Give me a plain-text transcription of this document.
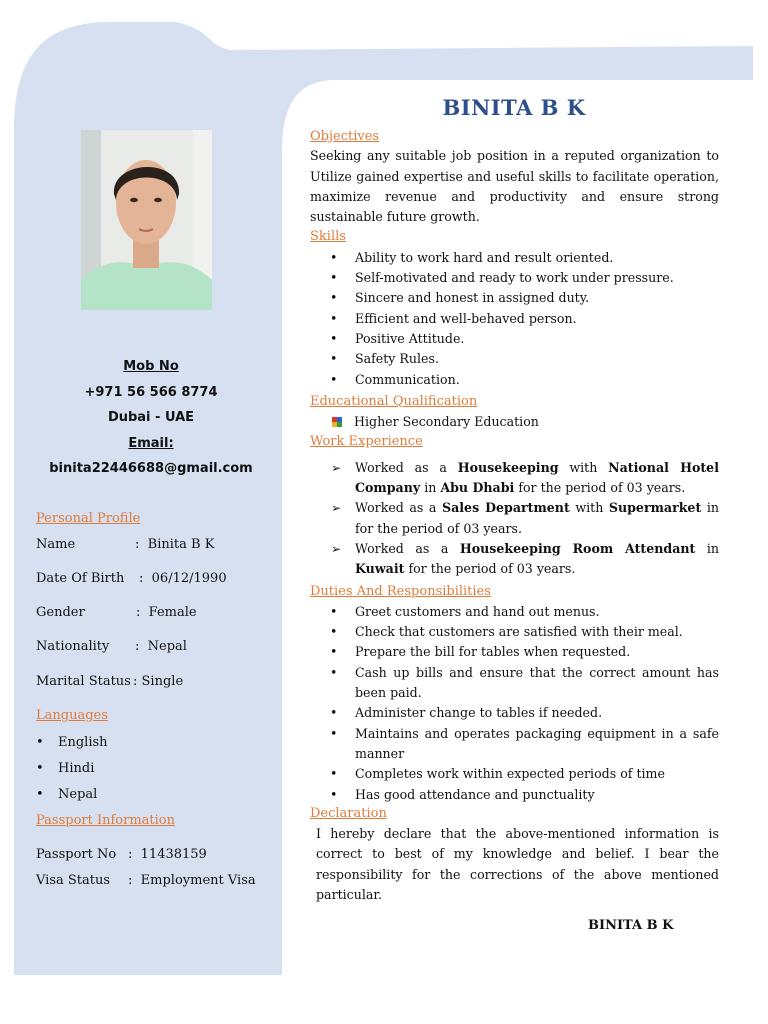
Mob No
+971 56 566 8774
Dubai - UAE
Email:
binita22446688@gmail.com
Personal Profile
Name	: Binita B K
Date Of Birth : 06/12/1990
Gender	: Female
Nationality : Nepal
Marital Status : Single
Languages
• English
• Hindi
• Nepal
Passport Information
Passport No : 11438159
Visa Status : Employment Visa
BINITA B K
Objectives
Seeking any suitable job position in a reputed organization to Utilize gained expertise and useful skills to facilitate operation, maximize revenue and productivity and ensure strong sustainable future growth.
Skills
• Ability to work hard and result oriented.
• Self-motivated and ready to work under pressure.
• Sincere and honest in assigned duty.
• Efficient and well-behaved person.
• Positive Attitude.
• Safety Rules.
• Communication.
Educational Qualification
Higher Secondary Education
Work Experience
➢ Worked as a Housekeeping with National Hotel Company in Abu Dhabi for the period of 03 years.
➢ Worked as a Sales Department with Supermarket in for the period of 03 years.
➢ Worked as a Housekeeping Room Attendant in Kuwait for the period of 03 years.
Duties And Responsibilities
• Greet customers and hand out menus.
• Check that customers are satisfied with their meal.
• Prepare the bill for tables when requested.
• Cash up bills and ensure that the correct amount has been paid.
• Administer change to tables if needed.
• Maintains and operates packaging equipment in a safe manner
• Completes work within expected periods of time
• Has good attendance and punctuality
Declaration
I hereby declare that the above-mentioned information is correct to best of my knowledge and belief. I bear the responsibility for the corrections of the above mentioned particular.
BINITA B K
